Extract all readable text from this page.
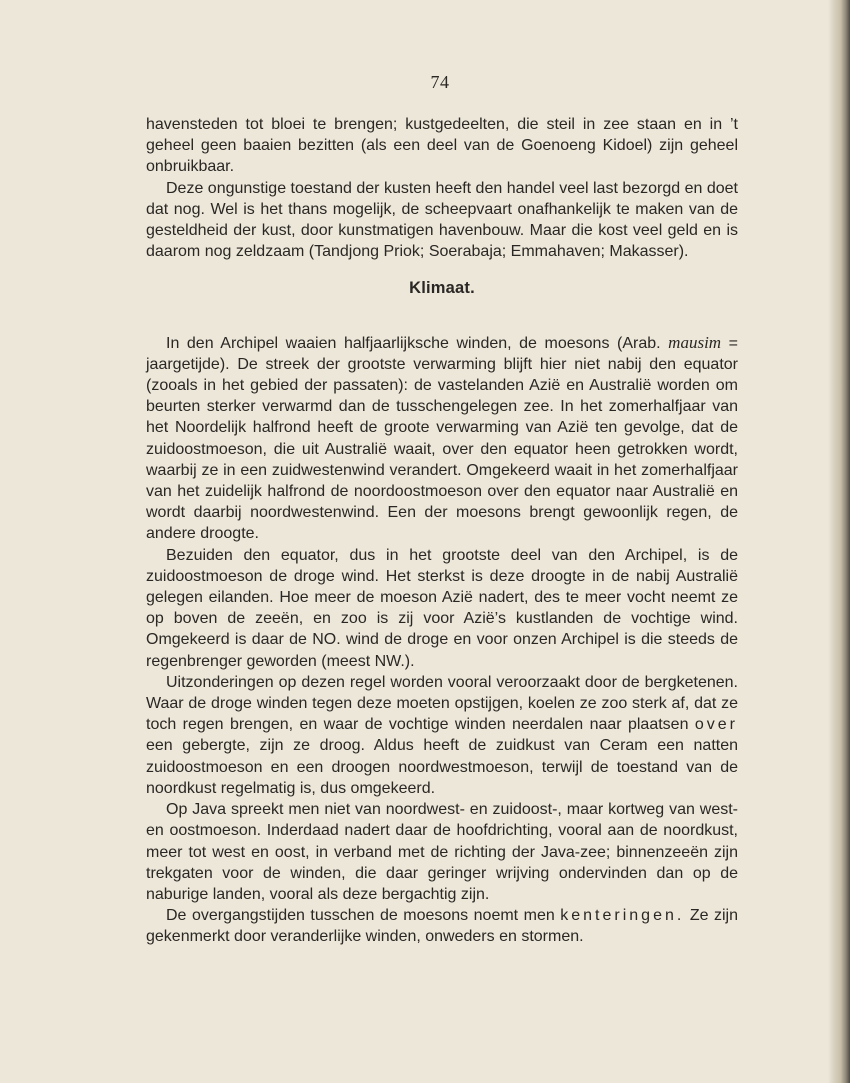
74

havensteden tot bloei te brengen; kustgedeelten, die steil in zee staan en in ’t geheel geen baaien bezitten (als een deel van de Goenoeng Kidoel) zijn geheel onbruikbaar.

Deze ongunstige toestand der kusten heeft den handel veel last bezorgd en doet dat nog. Wel is het thans mogelijk, de scheepvaart onafhankelijk te maken van de gesteldheid der kust, door kunstmatigen havenbouw. Maar die kost veel geld en is daarom nog zeldzaam (Tandjong Priok; Soerabaja; Emmahaven; Makasser).

Klimaat.

In den Archipel waaien halfjaarlijksche winden, de moesons (Arab. mausim = jaargetijde). De streek der grootste verwarming blijft hier niet nabij den equator (zooals in het gebied der passaten): de vastelanden Azië en Australië worden om beurten sterker verwarmd dan de tusschengelegen zee. In het zomerhalfjaar van het Noordelijk halfrond heeft de groote verwarming van Azië ten gevolge, dat de zuidoostmoeson, die uit Australië waait, over den equator heen getrokken wordt, waarbij ze in een zuidwestenwind verandert. Omgekeerd waait in het zomerhalfjaar van het zuidelijk halfrond de noordoostmoeson over den equator naar Australië en wordt daarbij noordwestenwind. Een der moesons brengt gewoonlijk regen, de andere droogte.

Bezuiden den equator, dus in het grootste deel van den Archipel, is de zuidoostmoeson de droge wind. Het sterkst is deze droogte in de nabij Australië gelegen eilanden. Hoe meer de moeson Azië nadert, des te meer vocht neemt ze op boven de zeeën, en zoo is zij voor Azië’s kustlanden de vochtige wind. Omgekeerd is daar de NO. wind de droge en voor onzen Archipel is die steeds de regenbrenger geworden (meest NW.).

Uitzonderingen op dezen regel worden vooral veroorzaakt door de bergketenen. Waar de droge winden tegen deze moeten opstijgen, koelen ze zoo sterk af, dat ze toch regen brengen, en waar de vochtige winden neerdalen naar plaatsen over een gebergte, zijn ze droog. Aldus heeft de zuidkust van Ceram een natten zuidoostmoeson en een droogen noordwestmoeson, terwijl de toestand van de noordkust regelmatig is, dus omgekeerd.

Op Java spreekt men niet van noordwest- en zuidoost-, maar kortweg van west- en oostmoeson. Inderdaad nadert daar de hoofdrichting, vooral aan de noordkust, meer tot west en oost, in verband met de richting der Java-zee; binnenzeeën zijn trekgaten voor de winden, die daar geringer wrijving ondervinden dan op de naburige landen, vooral als deze bergachtig zijn.

De overgangstijden tusschen de moesons noemt men kenteringen. Ze zijn gekenmerkt door veranderlijke winden, onweders en stormen.
